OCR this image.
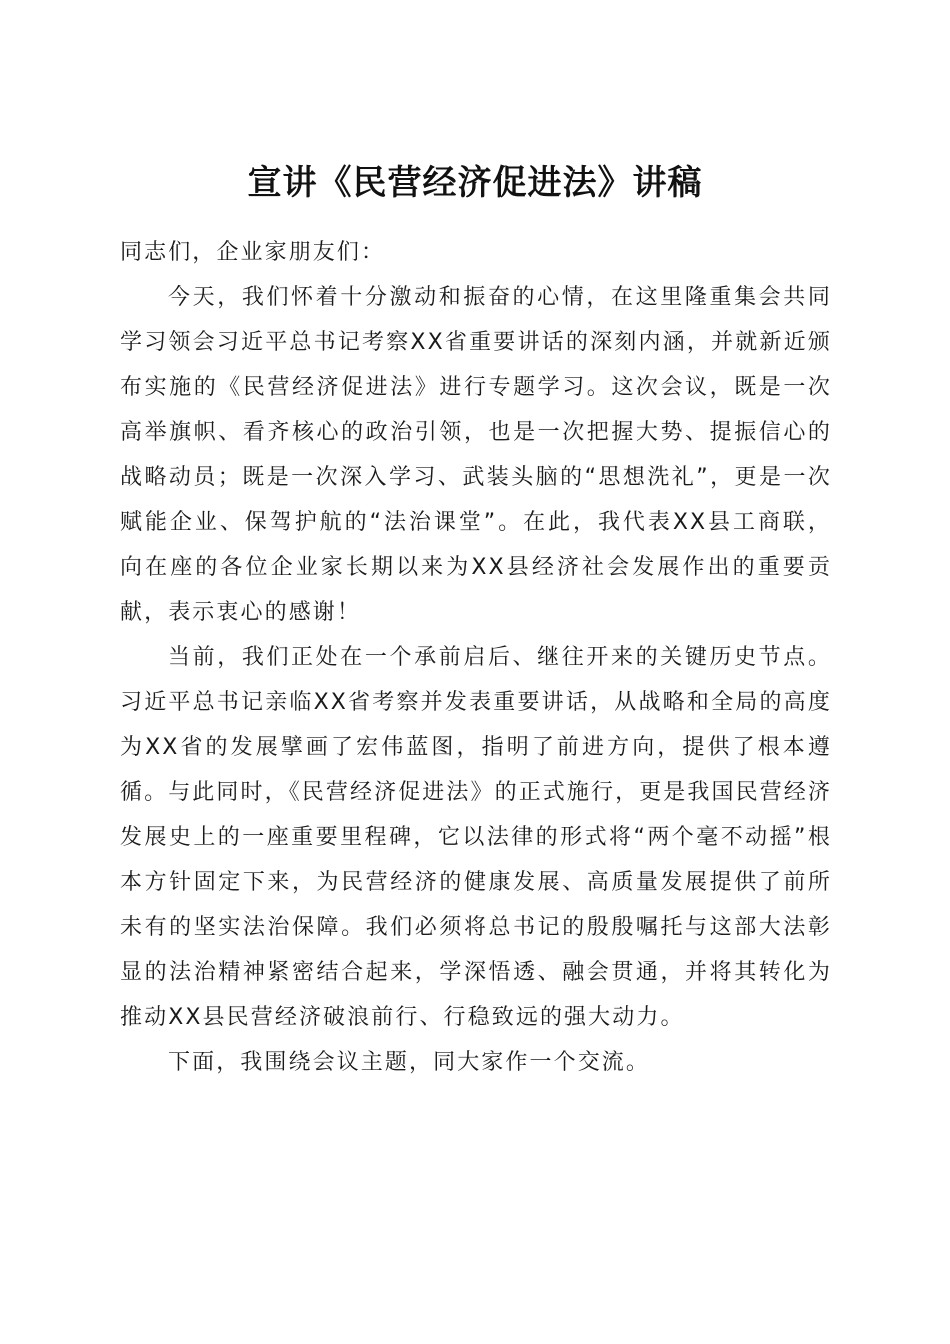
宣讲《民营经济促进法》讲稿

同志们，企业家朋友们：

今天，我们怀着十分激动和振奋的心情，在这里隆重集会共同学习领会习近平总书记考察XX省重要讲话的深刻内涵，并就新近颁布实施的《民营经济促进法》进行专题学习。这次会议，既是一次高举旗帜、看齐核心的政治引领，也是一次把握大势、提振信心的战略动员；既是一次深入学习、武装头脑的“思想洗礼”，更是一次赋能企业、保驾护航的“法治课堂”。在此，我代表XX县工商联，向在座的各位企业家长期以来为XX县经济社会发展作出的重要贡献，表示衷心的感谢！

当前，我们正处在一个承前启后、继往开来的关键历史节点。习近平总书记亲临XX省考察并发表重要讲话，从战略和全局的高度为XX省的发展擘画了宏伟蓝图，指明了前进方向，提供了根本遵循。与此同时，《民营经济促进法》的正式施行，更是我国民营经济发展史上的一座重要里程碑，它以法律的形式将“两个毫不动摇”根本方针固定下来，为民营经济的健康发展、高质量发展提供了前所未有的坚实法治保障。我们必须将总书记的殷殷嘱托与这部大法彰显的法治精神紧密结合起来，学深悟透、融会贯通，并将其转化为推动XX县民营经济破浪前行、行稳致远的强大动力。

下面，我围绕会议主题，同大家作一个交流。
